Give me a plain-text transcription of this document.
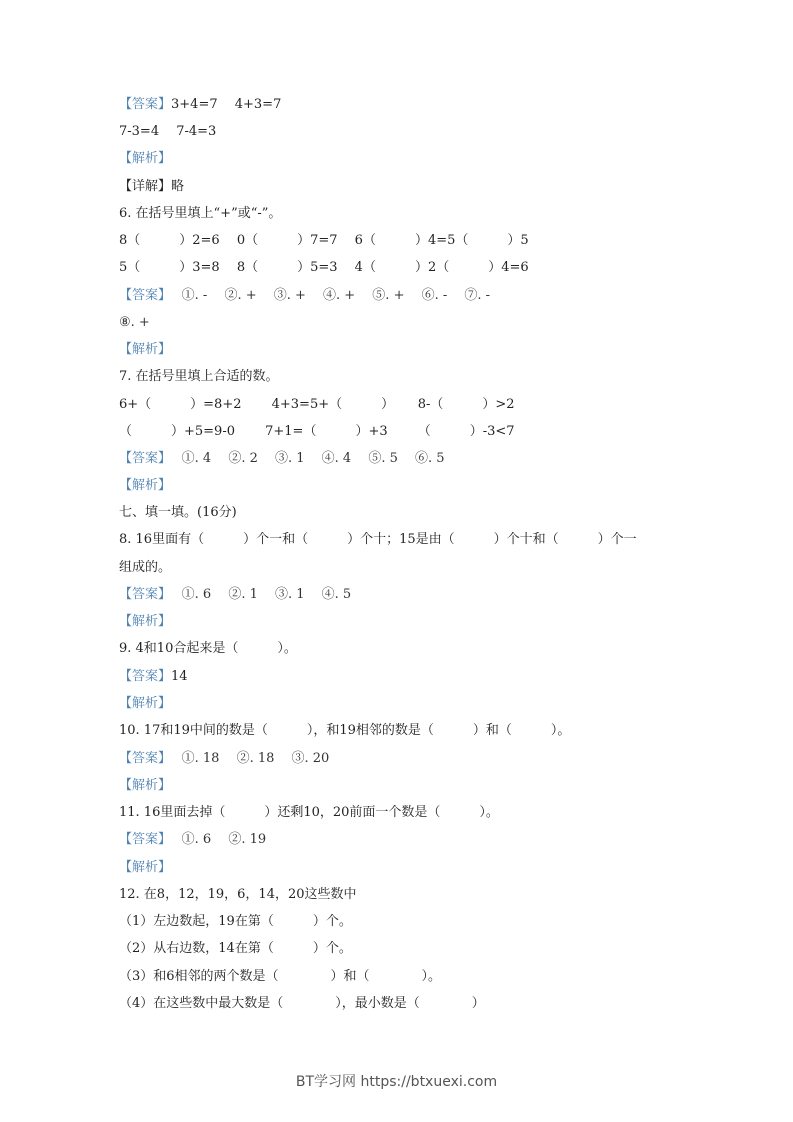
【答案】3+4=7　 4+3=7
7-3=4　 7-4=3
【解析】
【详解】略
6. 在括号里填上“+”或“-”。
8（　　　）2=6　 0（　　　）7=7　 6（　　　）4=5（　　　）5
5（　　　）3=8　 8（　　　）5=3　 4（　　　）2（　　　）4=6
【答案】　 ①. -　 ②. +　 ③. +　 ④. +　 ⑤. +　 ⑥. -　 ⑦. -
⑧. +
【解析】
7. 在括号里填上合适的数。
6+（　　　）=8+2　　 4+3=5+（　　　）　　 8-（　　　）>2
（　　　）+5=9-0　　 7+1=（　　　）+3　　 （　　　）-3<7
【答案】　 ①. 4　 ②. 2　 ③. 1　 ④. 4　 ⑤. 5　 ⑥. 5
【解析】
七、填一填。(16分)
8. 16里面有（　　　）个一和（　　　）个十；15是由（　　　）个十和（　　　）个一
组成的。
【答案】　 ①. 6　 ②. 1　 ③. 1　 ④. 5
【解析】
9. 4和10合起来是（　　　）。
【答案】14
【解析】
10. 17和19中间的数是（　　　），和19相邻的数是（　　　）和（　　　）。
【答案】　 ①. 18　 ②. 18　 ③. 20
【解析】
11. 16里面去掉（　　　）还剩10，20前面一个数是（　　　）。
【答案】　 ①. 6　 ②. 19
【解析】
12. 在8，12，19，6，14，20这些数中
（1）左边数起，19在第（　　　）个。
（2）从右边数，14在第（　　　）个。
（3）和6相邻的两个数是（　　　　）和（　　　　）。
（4）在这些数中最大数是（　　　　），最小数是（　　　　）
BT学习网 https://btxuexi.com
